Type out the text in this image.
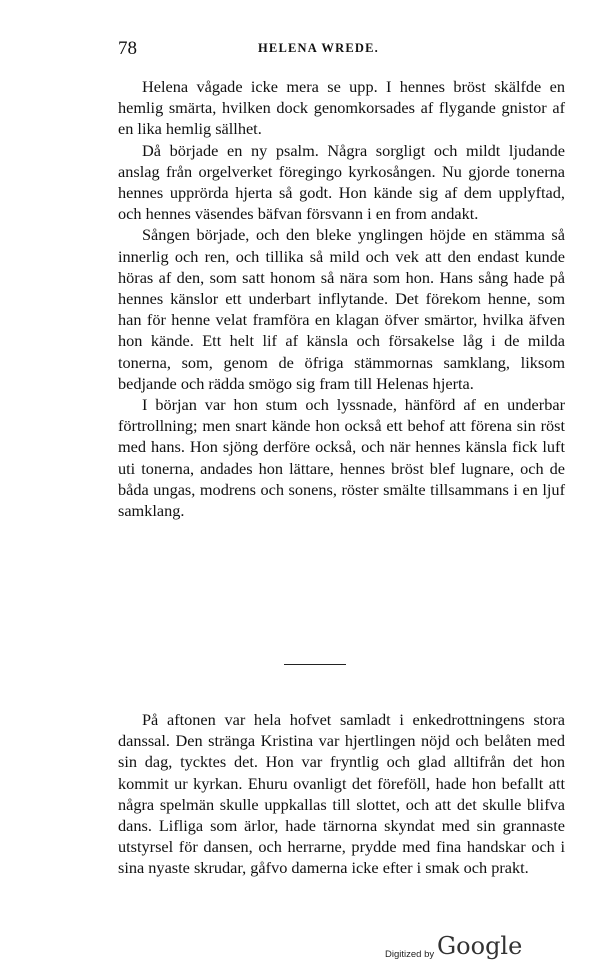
78	HELENA WREDE.

Helena vågade icke mera se upp. I hennes bröst skälfde en hemlig smärta, hvilken dock genomkorsades af flygande gnistor af en lika hemlig sällhet.

Då började en ny psalm. Några sorgligt och mildt ljudande anslag från orgelverket föregingo kyrkosången. Nu gjorde tonerna hennes upprörda hjerta så godt. Hon kände sig af dem upplyftad, och hennes väsendes bäfvan försvann i en from andakt.

Sången började, och den bleke ynglingen höjde en stämma så innerlig och ren, och tillika så mild och vek att den endast kunde höras af den, som satt honom så nära som hon. Hans sång hade på hennes känslor ett underbart inflytande. Det förekom henne, som han för henne velat framföra en klagan öfver smärtor, hvilka äfven hon kände. Ett helt lif af känsla och försakelse låg i de milda tonerna, som, genom de öfriga stämmornas samklang, liksom bedjande och rädda smögo sig fram till Helenas hjerta.

I början var hon stum och lyssnade, hänförd af en underbar förtrollning; men snart kände hon också ett behof att förena sin röst med hans. Hon sjöng derföre också, och när hennes känsla fick luft uti tonerna, andades hon lättare, hennes bröst blef lugnare, och de båda ungas, modrens och sonens, röster smälte tillsammans i en ljuf samklang.

På aftonen var hela hofvet samladt i enkedrottningens stora danssal. Den stränga Kristina var hjertlingen nöjd och belåten med sin dag, tycktes det. Hon var fryntlig och glad alltifrån det hon kommit ur kyrkan. Ehuru ovanligt det föreföll, hade hon befallt att några spelmän skulle uppkallas till slottet, och att det skulle blifva dans. Lifliga som ärlor, hade tärnorna skyndat med sin grannaste utstyrsel för dansen, och herrarne, prydde med fina handskar och i sina nyaste skrudar, gåfvo damerna icke efter i smak och prakt.

Digitized by Google
